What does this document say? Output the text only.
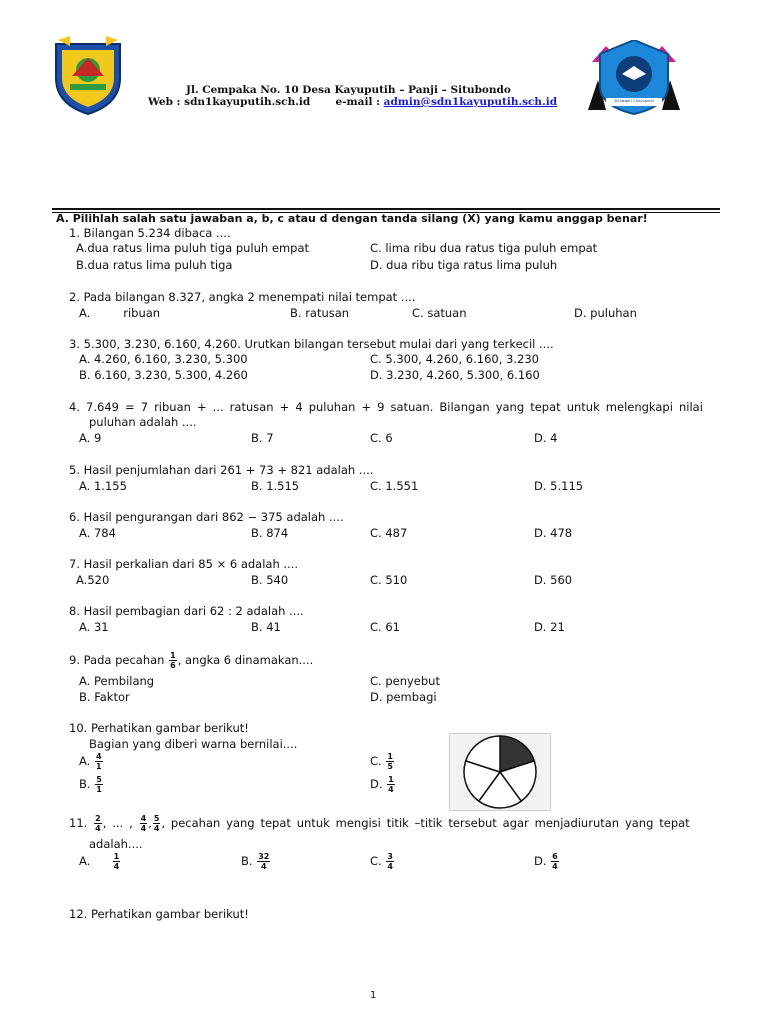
SD Negeri 1 Kayuputih
Jl. Cempaka No. 10 Desa Kayuputih – Panji – Situbondo
Web : sdn1kayuputih.sch.id e-mail : admin@sdn1kayuputih.sch.id
A. Pilihlah salah satu jawaban a, b, c atau d dengan tanda silang (X) yang kamu anggap benar!
1. Bilangan 5.234 dibaca ....
A.dua ratus lima puluh tiga puluh empat
B.dua ratus lima puluh tiga
C. lima ribu dua ratus tiga puluh empat
D. dua ribu tiga ratus lima puluh
2. Pada bilangan 8.327, angka 2 menempati nilai tempat ....
A.         ribuan	B. ratusan	C. satuan	D. puluhan
3. 5.300, 3.230, 6.160, 4.260. Urutkan bilangan tersebut mulai dari yang terkecil ....
A. 4.260, 6.160, 3.230, 5.300
B. 6.160, 3.230, 5.300, 4.260
C. 5.300, 4.260, 6.160, 3.230
D. 3.230, 4.260, 5.300, 6.160
4. 7.649 = 7 ribuan + ... ratusan + 4 puluhan + 9 satuan. Bilangan yang tepat untuk melengkapi nilai
puluhan adalah ....
A. 9	B. 7	C. 6	D. 4
5. Hasil penjumlahan dari 261 + 73 + 821 adalah ....
A. 1.155	B. 1.515	C. 1.551	D. 5.115
6. Hasil pengurangan dari 862 − 375 adalah ....
A. 784	B. 874	C. 487	D. 478
7. Hasil perkalian dari 85 × 6 adalah ....
A.520	B. 540	C. 510	D. 560
8. Hasil pembagian dari 62 : 2 adalah ....
A. 31	B. 41	C. 61	D. 21
9. Pada pecahan $\frac{1}{6}$ , angka 6 dinamakan....
A. Pembilang
B. Faktor
C. penyebut
D. pembagi
10. Perhatikan gambar berikut!
Bagian yang diberi warna bernilai....
A. $\frac{4}{1}$
B. $\frac{5}{1}$
C. $\frac{1}{5}$
D. $\frac{1}{4}$
11. $\frac{2}{4}$ , ... , $\frac{4}{4}$ , $\frac{5}{4}$ , pecahan yang tepat untuk mengisi titik –titik tersebut agar menjadiurutan yang tepat
adalah....
A.	$\frac{1}{4}$	B. $\frac{32}{4}$	C. $\frac{3}{4}$	D. $\frac{6}{4}$
12. Perhatikan gambar berikut!
1
